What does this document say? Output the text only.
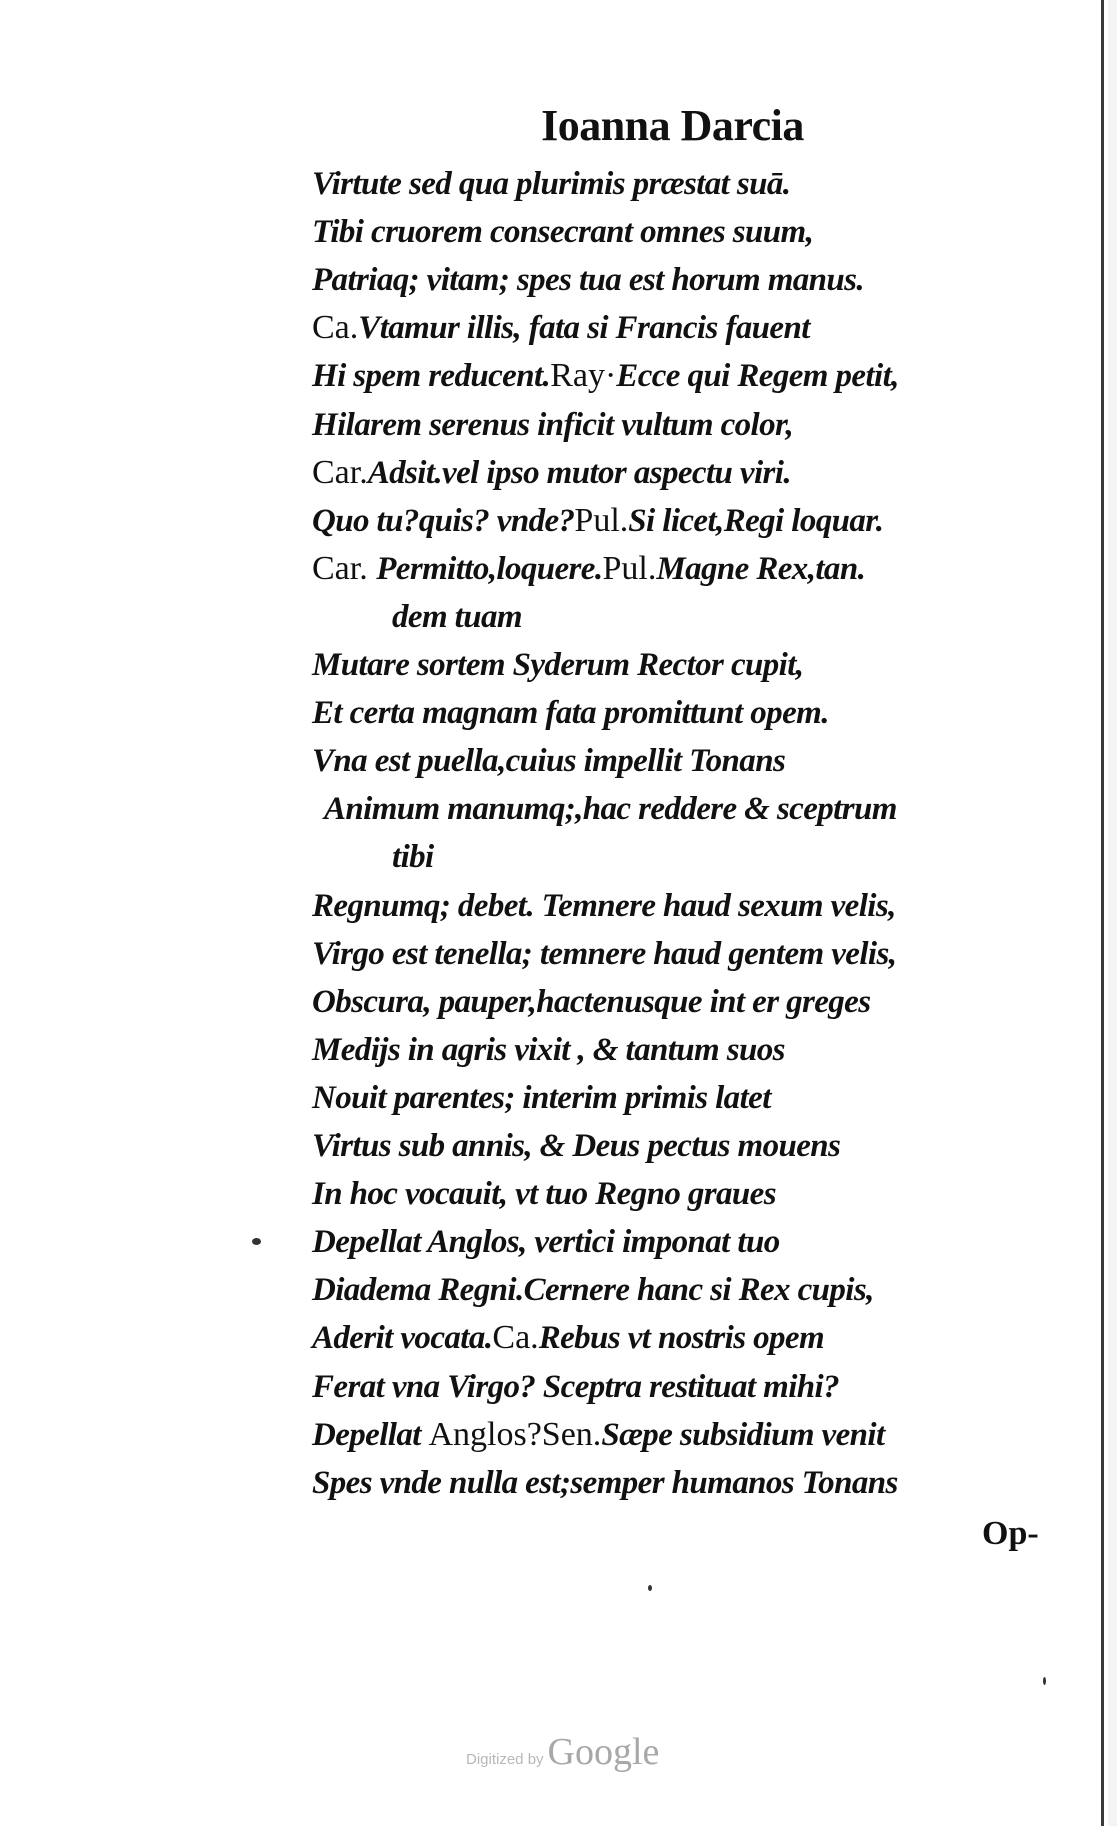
Ioanna Darcia
Virtute sed qua plurimis præstat suā.
Tibi cruorem consecrant omnes suum,
Patriaq; vitam; spes tua est horum manus.
Ca.Vtamur illis, fata si Francis fauent
Hi spem reducent.Ray·Ecce qui Regem petit,
Hilarem serenus inficit vultum color,
Car.Adsit.vel ipso mutor aspectu viri.
Quo tu?quis? vnde?Pul.Si licet,Regi loquar.
Car. Permitto,loquere.Pul.Magne Rex,tan.
dem tuam
Mutare sortem Syderum Rector cupit,
Et certa magnam fata promittunt opem.
Vna est puella,cuius impellit Tonans
Animum manumq;,hac reddere & sceptrum
tibi
Regnumq; debet. Temnere haud sexum velis,
Virgo est tenella; temnere haud gentem velis,
Obscura, pauper,hactenusque int er greges
Medijs in agris vixit , & tantum suos
Nouit parentes; interim primis latet
Virtus sub annis, & Deus pectus mouens
In hoc vocauit, vt tuo Regno graues
Depellat Anglos, vertici imponat tuo
Diadema Regni.Cernere hanc si Rex cupis,
Aderit vocata.Ca.Rebus vt nostris opem
Ferat vna Virgo? Sceptra restituat mihi?
Depellat Anglos?Sen.Sæpe subsidium venit
Spes vnde nulla est;semper humanos Tonans
Op-
Digitized by Google
